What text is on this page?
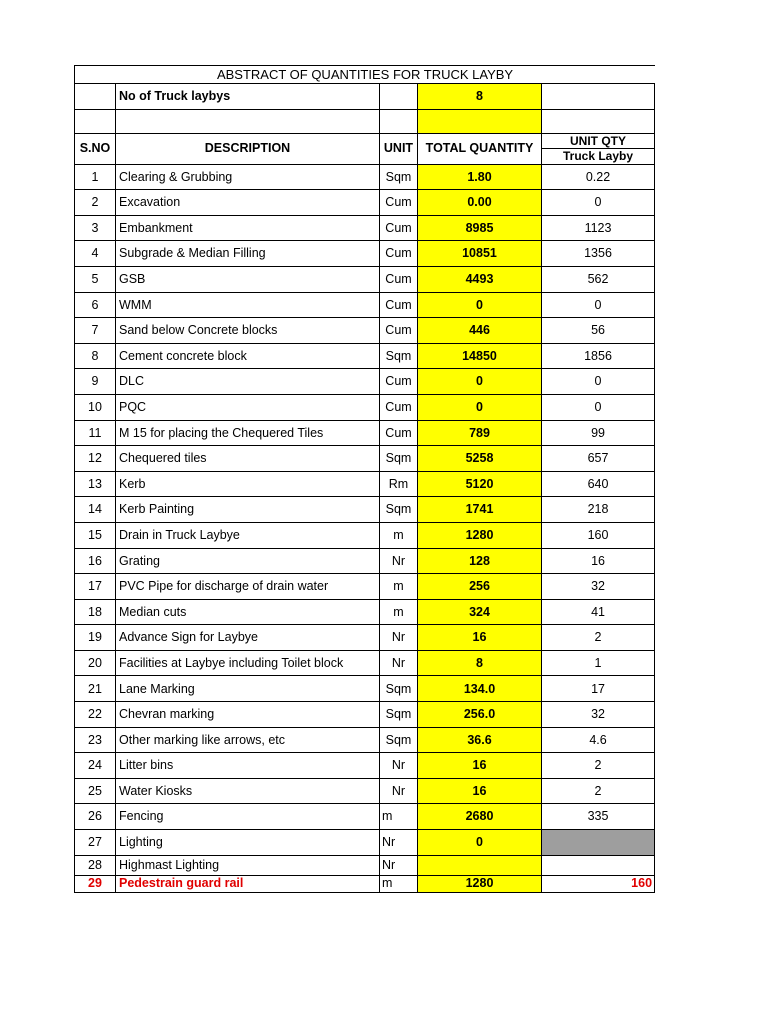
	ABSTRACT OF QUANTITIES FOR TRUCK LAYBY			
	No of Truck laybys		8	

S.NO	DESCRIPTION	UNIT	TOTAL QUANTITY	UNIT QTY
Truck Layby

1	Clearing & Grubbing	Sqm	1.80	0.22
2	Excavation	Cum	0.00	0
3	Embankment	Cum	8985	1123
4	Subgrade & Median Filling	Cum	10851	1356
5	GSB	Cum	4493	562
6	WMM	Cum	0	0
7	Sand below Concrete blocks	Cum	446	56
8	Cement concrete block	Sqm	14850	1856
9	DLC	Cum	0	0
10	PQC	Cum	0	0
11	M 15 for placing the Chequered Tiles	Cum	789	99
12	Chequered tiles	Sqm	5258	657
13	Kerb	Rm	5120	640
14	Kerb Painting	Sqm	1741	218
15	Drain in Truck Laybye	m	1280	160
16	Grating	Nr	128	16
17	PVC Pipe for discharge of drain water	m	256	32
18	Median cuts	m	324	41
19	Advance Sign for Laybye	Nr	16	2
20	Facilities at Laybye including Toilet block	Nr	8	1
21	Lane Marking	Sqm	134.0	17
22	Chevran marking	Sqm	256.0	32
23	Other marking like arrows, etc	Sqm	36.6	4.6
24	Litter bins	Nr	16	2
25	Water Kiosks	Nr	16	2
26	Fencing	m	2680	335
27	Lighting	Nr	0	
28	Highmast Lighting	Nr		
29	Pedestrain guard rail	m	1280	160
